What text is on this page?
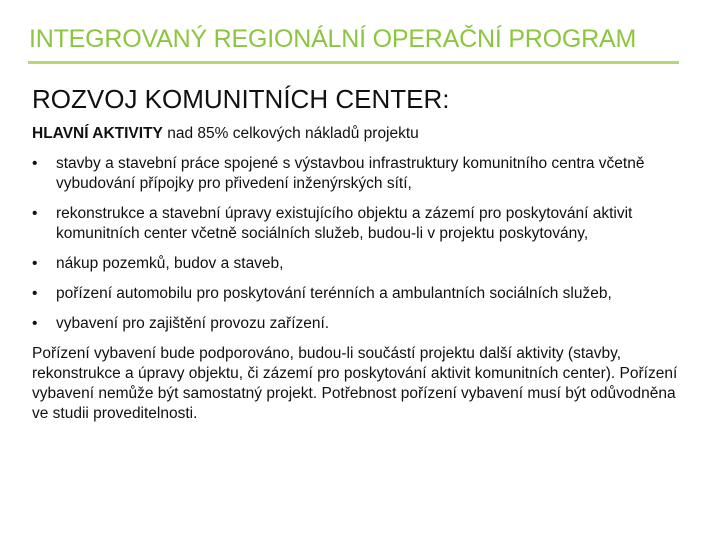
INTEGROVANÝ REGIONÁLNÍ OPERAČNÍ PROGRAM
ROZVOJ KOMUNITNÍCH CENTER:

HLAVNÍ AKTIVITY nad 85% celkových nákladů projektu

•	stavby a stavební práce spojené s výstavbou infrastruktury komunitního centra včetně vybudování přípojky pro přivedení inženýrských sítí,
•	rekonstrukce a stavební úpravy existujícího objektu a zázemí pro poskytování aktivit komunitních center včetně sociálních služeb, budou-li v projektu poskytovány,
•	nákup pozemků, budov a staveb,
•	pořízení automobilu pro poskytování terénních a ambulantních sociálních služeb,
•	vybavení pro zajištění provozu zařízení.

Pořízení vybavení bude podporováno, budou-li součástí projektu další aktivity (stavby, rekonstrukce a úpravy objektu, či zázemí pro poskytování aktivit komunitních center). Pořízení vybavení nemůže být samostatný projekt. Potřebnost pořízení vybavení musí být odůvodněna ve studii proveditelnosti.
